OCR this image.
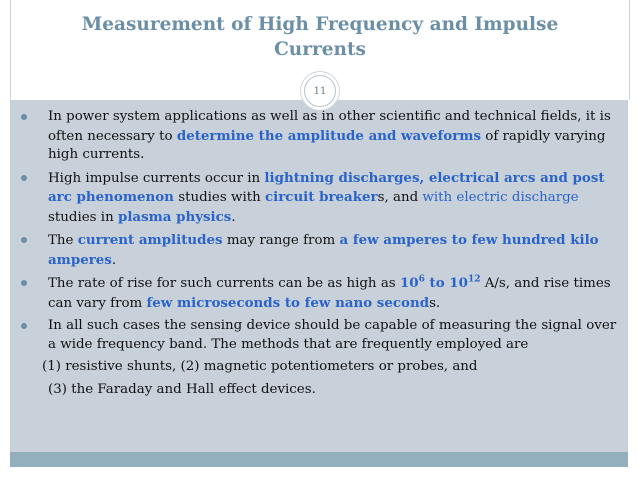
Measurement of High Frequency and Impulse
Currents
11
In power system applications as well as in other scientific and technical fields, it is often necessary to determine the amplitude and waveforms of rapidly varying high currents.
High impulse currents occur in lightning discharges, electrical arcs and post arc phenomenon studies with circuit breakers, and with electric discharge studies in plasma physics.
The current amplitudes may range from a few amperes to few hundred kilo amperes.
The rate of rise for such currents can be as high as $10^6$ to $10^{12}$ A/s, and rise times can vary from few microseconds to few nano seconds.
In all such cases the sensing device should be capable of measuring the signal over a wide frequency band. The methods that are frequently employed are
(1) resistive shunts, (2) magnetic potentiometers or probes, and
(3) the Faraday and Hall effect devices.
